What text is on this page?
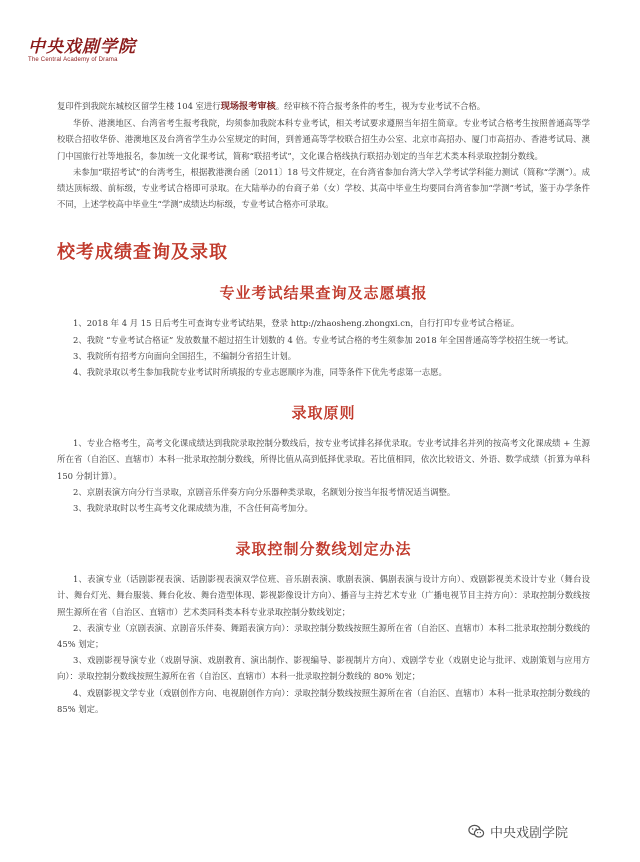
中央戏剧学院
The Central Academy of Drama

复印件到我院东城校区留学生楼 104 室进行现场报考审核。经审核不符合报考条件的考生，视为专业考试不合格。

华侨、港澳地区、台湾省考生报考我院，均须参加我院本科专业考试，相关考试要求遵照当年招生简章。专业考试合格考生按照普通高等学校联合招收华侨、港澳地区及台湾省学生办公室规定的时间，到普通高等学校联合招生办公室、北京市高招办、厦门市高招办、香港考试局、澳门中国旅行社等地报名，参加统一文化课考试，简称“联招考试”，文化课合格线执行联招办划定的当年艺术类本科录取控制分数线。

未参加“联招考试”的台湾考生，根据教港澳台函〔2011〕18 号文件规定，在台湾省参加台湾大学入学考试学科能力测试（简称“学测”）。成绩达顶标级、前标级，专业考试合格即可录取。在大陆举办的台商子弟（女）学校、其高中毕业生均要同台湾省参加“学测”考试，鉴于办学条件不同，上述学校高中毕业生“学测”成绩达均标级，专业考试合格亦可录取。

校考成绩查询及录取
专业考试结果查询及志愿填报

1、2018 年 4 月 15 日后考生可查询专业考试结果，登录 http://zhaosheng.zhongxi.cn，自行打印专业考试合格证。

2、我院 “专业考试合格证” 发放数量不超过招生计划数的 4 倍。专业考试合格的考生须参加 2018 年全国普通高等学校招生统一考试。

3、我院所有招考方向面向全国招生，不编制分省招生计划。

4、我院录取以考生参加我院专业考试时所填报的专业志愿顺序为准，同等条件下优先考虑第一志愿。

录取原则

1、专业合格考生，高考文化课成绩达到我院录取控制分数线后，按专业考试排名择优录取。专业考试排名并列的按高考文化课成绩 + 生源所在省（自治区、直辖市）本科一批录取控制分数线，所得比值从高到低择优录取。若比值相同，依次比较语文、外语、数学成绩（折算为单科 150 分制计算）。

2、京剧表演方向分行当录取，京剧音乐伴奏方向分乐器种类录取，名额划分按当年报考情况适当调整。

3、我院录取时以考生高考文化课成绩为准，不含任何高考加分。

录取控制分数线划定办法

1、表演专业（话剧影视表演、话剧影视表演双学位班、音乐剧表演、歌剧表演、偶剧表演与设计方向）、戏剧影视美术设计专业（舞台设计、舞台灯光、舞台服装、舞台化妆、舞台造型体现、影视影像设计方向）、播音与主持艺术专业（广播电视节目主持方向）：录取控制分数线按照生源所在省（自治区、直辖市）艺术类同科类本科专业录取控制分数线划定；

2、表演专业（京剧表演、京剧音乐伴奏、舞蹈表演方向）：录取控制分数线按照生源所在省（自治区、直辖市）本科二批录取控制分数线的 45% 划定；

3、戏剧影视导演专业（戏剧导演、戏剧教育、演出制作、影视编导、影视制片方向）、戏剧学专业（戏剧史论与批评、戏剧策划与应用方向）：录取控制分数线按照生源所在省（自治区、直辖市）本科一批录取控制分数线的 80% 划定；

4、戏剧影视文学专业（戏剧创作方向、电视剧创作方向）：录取控制分数线按照生源所在省（自治区、直辖市）本科一批录取控制分数线的 85% 划定。

中央戏剧学院
